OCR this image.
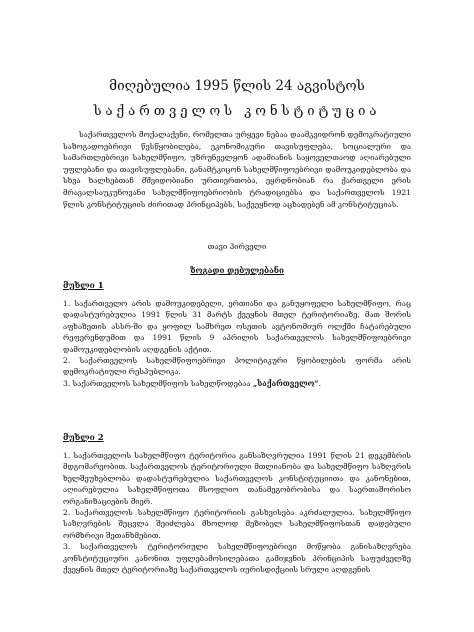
მიღებულია 1995 წლის 24 აგვისტოს
საქართველოს კონსტიტუცია
საქართველოს მოქალაქენი, რომელთა ურყევი ნებაა დაამკვიდრონ დემოკრატიული საზოგადოებრივი წესწყობილება, ეკონომიკური თავისუფლება, სოციალური და სამართლებრივი სახელმწიფო, უზრუნველყონ ადამიანის საყოველთაოდ აღიარებული უფლებანი და თავისუფლებანი, განამტკიცონ სახელმწიფოებრივი დამოუკიდებლობა და სხვა ხალხებთან მშვიდობიანი ურთიერთობა, ეყრდნობიან რა ქართველი ერის მრავალსაუკუნოვანი სახელმწიფოებრიობის ტრადიციებსა და საქართველოს 1921 წლის კონსტიტუციის ძირითად პრინციპებს, საქვეყნოდ აცხადებენ ამ კონსტიტუციას.
თავი პირველი
ზოგადი დებულებანი
მუხლი 1

1. საქართველო არის დამოუკიდებელი, ერთიანი და განუყოფელი სახელმწიფო, რაც დადასტურებულია 1991 წლის 31 მარტს ქვეყნის მთელ ტერიტორიაზე, მათ შორის აფხაზეთის ასსრ-ში და ყოფილ სამხრეთ ოსეთის ავტონომიურ ოლქში ჩატარებული რეფერენდუმით და 1991 წლის 9 აპრილის საქართველოს სახელმწიფოებრივი დამოუკიდებლობის აღდგენის აქტით.

2. საქართველოს სახელმწიფოებრივი პოლიტიკური წყობილების ფორმა არის დემოკრატიული რესპუბლიკა.

3. საქართველოს სახელმწიფოს სახელწოდებაა „საქართველო“.

მუხლი 2

1. საქართველოს სახელმწიფო ტერიტორია განსაზღვრულია 1991 წლის 21 დეკემბრის მდგომარეობით. საქართველოს ტერიტორიული მთლიანობა და სახელმწიფო საზღვრის ხელშეუხებლობა დადასტურებულია საქართველოს კონსტიტუციითა და კანონებით, აღიარებულია სახელმწიფოთა მსოფლიო თანამეგობრობისა და საერთაშორისო ორგანიზაციების მიერ.

2. საქართველოს სახელმწიფო ტერიტორიის გასხვისება აკრძალულია. სახელმწიფო საზღვრების შეცვლა შეიძლება მხოლოდ მეზობელ სახელმწიფოსთან დადებული ორმხრივი შეთანხმებით.

3. საქართველოს ტერიტორიული სახელმწიფოებრივი მოწყობა განისაზღვრება კონსტიტუციური კანონით უფლებამოსილებათა გამიჯვნის პრინციპის საფუძველზე ქვეყნის მთელ ტერიტორიაზე საქართველოს იურისდიქციის სრული აღდგენის
